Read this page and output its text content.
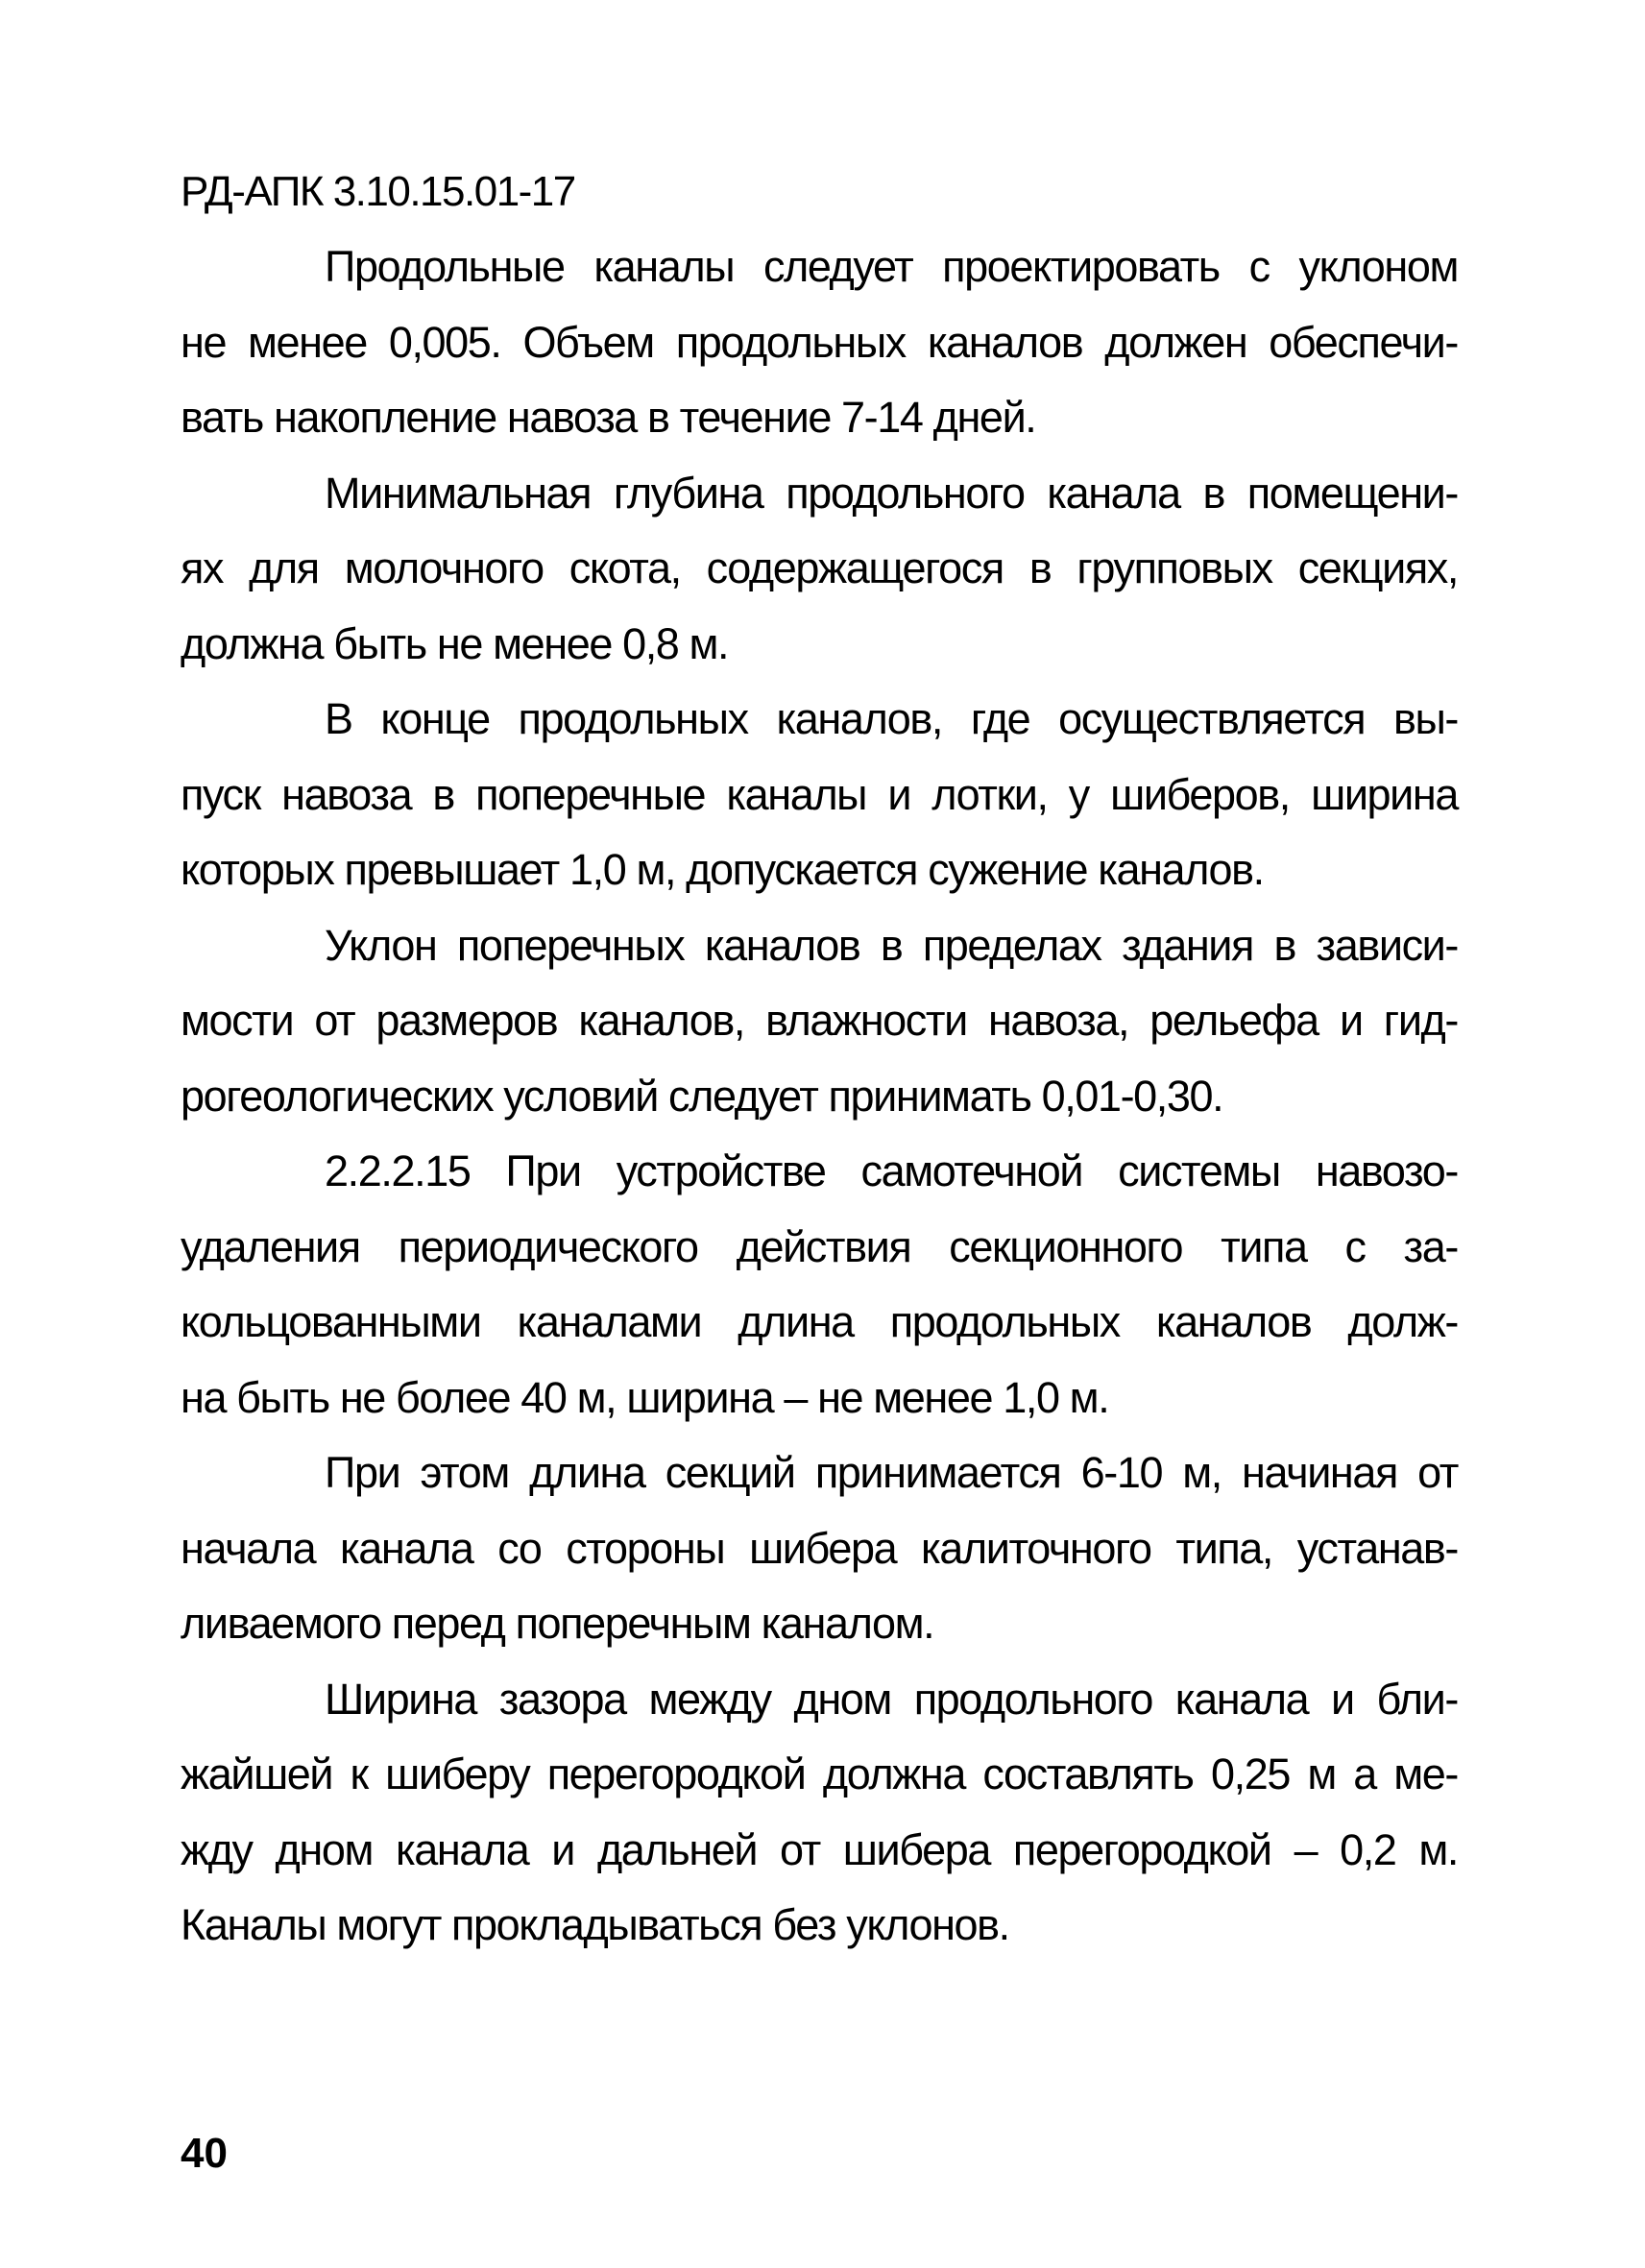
РД-АПК 3.10.15.01-17
Продольные каналы следует проектировать с уклоном
не менее 0,005. Объем продольных каналов должен обеспечи-
вать накопление навоза в течение 7-14 дней.
Минимальная глубина продольного канала в помещени-
ях для молочного скота, содержащегося в групповых секциях,
должна быть не менее 0,8 м.
В конце продольных каналов, где осуществляется вы-
пуск навоза в поперечные каналы и лотки, у шиберов, ширина
которых превышает 1,0 м, допускается сужение каналов.
Уклон поперечных каналов в пределах здания в зависи-
мости от размеров каналов, влажности навоза, рельефа и гид-
рогеологических условий следует принимать 0,01-0,30.
2.2.2.15 При устройстве самотечной системы навозо-
удаления периодического действия секционного типа с за-
кольцованными каналами длина продольных каналов долж-
на быть не более 40 м, ширина – не менее 1,0 м.
При этом длина секций принимается 6-10 м, начиная от
начала канала со стороны шибера калиточного типа, устанав-
ливаемого перед поперечным каналом.
Ширина зазора между дном продольного канала и бли-
жайшей к шиберу перегородкой должна составлять 0,25 м а ме-
жду дном канала и дальней от шибера перегородкой – 0,2 м.
Каналы могут прокладываться без уклонов.
40
